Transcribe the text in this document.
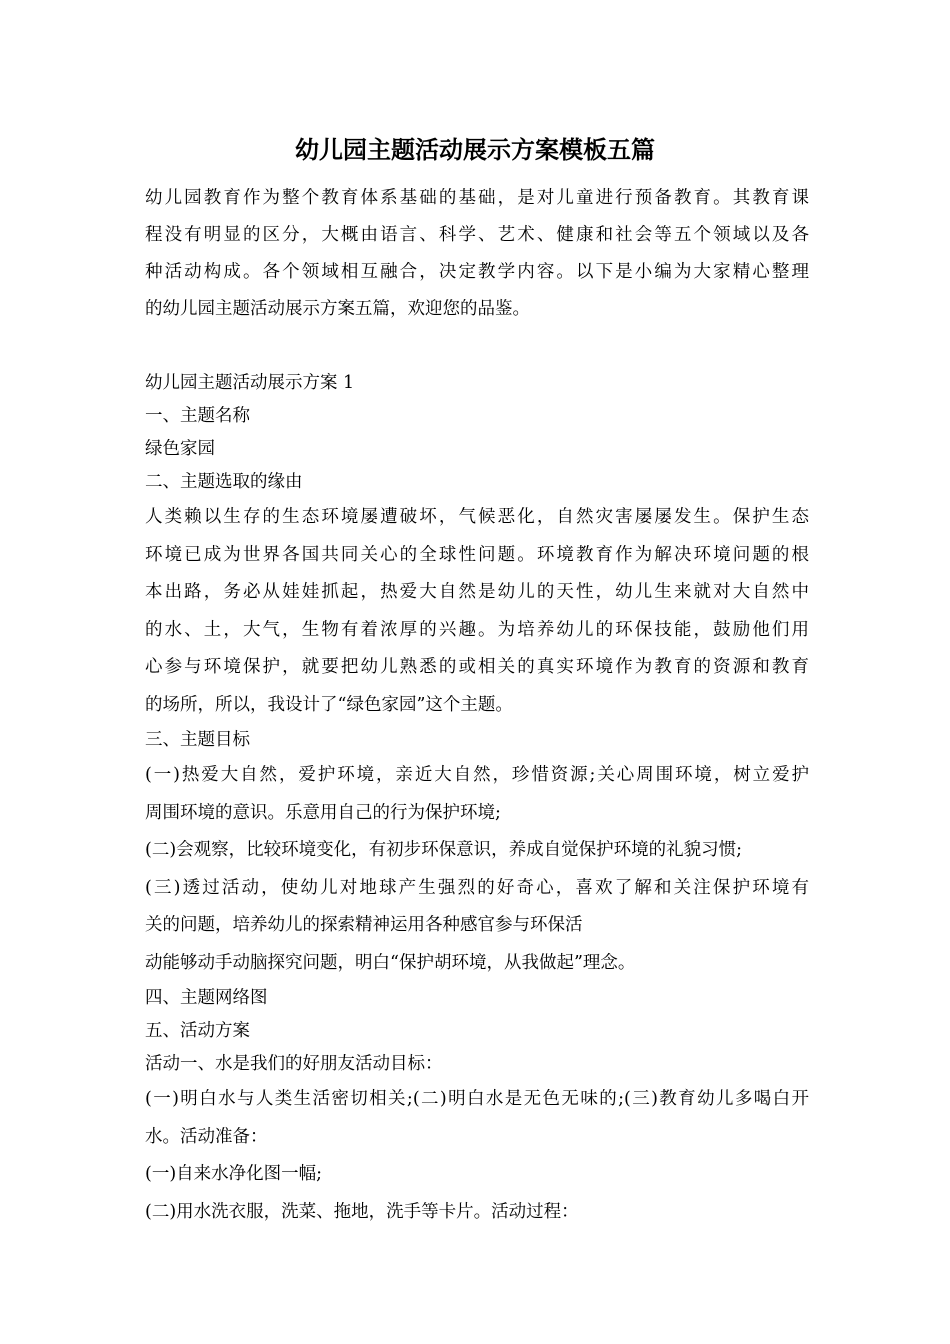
幼儿园主题活动展示方案模板五篇
幼儿园教育作为整个教育体系基础的基础，是对儿童进行预备教育。其教育课
程没有明显的区分，大概由语言、科学、艺术、健康和社会等五个领域以及各
种活动构成。各个领域相互融合，决定教学内容。以下是小编为大家精心整理
的幼儿园主题活动展示方案五篇，欢迎您的品鉴。
幼儿园主题活动展示方案 1
一、主题名称
绿色家园
二、主题选取的缘由
人类赖以生存的生态环境屡遭破坏，气候恶化，自然灾害屡屡发生。保护生态
环境已成为世界各国共同关心的全球性问题。环境教育作为解决环境问题的根
本出路，务必从娃娃抓起，热爱大自然是幼儿的天性，幼儿生来就对大自然中
的水、土，大气，生物有着浓厚的兴趣。为培养幼儿的环保技能，鼓励他们用
心参与环境保护，就要把幼儿熟悉的或相关的真实环境作为教育的资源和教育
的场所，所以，我设计了“绿色家园”这个主题。
三、主题目标
(一)热爱大自然，爱护环境，亲近大自然，珍惜资源;关心周围环境，树立爱护
周围环境的意识。乐意用自己的行为保护环境;
(二)会观察，比较环境变化，有初步环保意识，养成自觉保护环境的礼貌习惯;
(三)透过活动，使幼儿对地球产生强烈的好奇心，喜欢了解和关注保护环境有
关的问题，培养幼儿的探索精神运用各种感官参与环保活
动能够动手动脑探究问题，明白“保护胡环境，从我做起”理念。
四、主题网络图
五、活动方案
活动一、水是我们的好朋友活动目标：
(一)明白水与人类生活密切相关;(二)明白水是无色无味的;(三)教育幼儿多喝白开
水。活动准备：
(一)自来水净化图一幅;
(二)用水洗衣服，洗菜、拖地，洗手等卡片。活动过程：
